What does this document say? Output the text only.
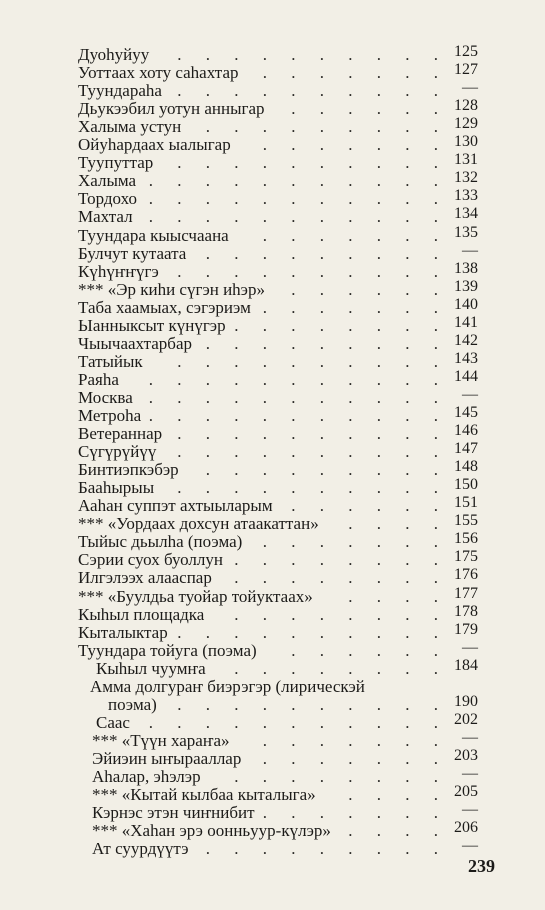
Дуоһуйуу . . . . . . . . . . 125
Уоттаах хоту саһахтар . . . . . . . 127
Туундараһа . . . . . . . . . . —
Дьукээбил уотун анныгар . . . . . . 128
Халыма устун . . . . . . . . . 129
Ойуһардаах ыалыгар . . . . . . . 130
Туупуттар . . . . . . . . . . 131
Халыма . . . . . . . . . . . 132
Тордохо . . . . . . . . . . . 133
Махтал . . . . . . . . . . . 134
Туундара кыысчаана . . . . . . . 135
Булчут кутаата . . . . . . . . . —
Күһүҥҥүгэ . . . . . . . . . . 138
*** «Эр киһи сүгэн иһэр» . . . . . . 139
Таба хаамыах, сэгэриэм . . . . . . . 140
Ыанныксыт күнүгэр . . . . . . . . 141
Чыычаахтарбар . . . . . . . . . 142
Татыйык . . . . . . . . . . 143
Раяһа . . . . . . . . . . . 144
Москва . . . . . . . . . . . —
Метроһа . . . . . . . . . . . 145
Ветераннар . . . . . . . . . . 146
Сүгүрүйүү . . . . . . . . . . 147
Бинтиэпкэбэр . . . . . . . . . 148
Бааһырыы . . . . . . . . . . 150
Ааһан суппэт ахтыыларым . . . . . . 151
*** «Уордаах дохсун атаакаттан» . . . . 155
Тыйыс дьылһа (поэма) . . . . . . . 156
Сэрии суох буоллун . . . . . . . . 175
Илгэлээх алааспар . . . . . . . . 176
*** «Буулдьа туойар тойуктаах» . . . . 177
Кыһыл площадка . . . . . . . . 178
Кыталыктар . . . . . . . . . . 179
Туундара тойуга (поэма) . . . . . . —
Кыһыл чуумҥа . . . . . . . . 184
Амма долгураҥ биэрэгэр (лирическэй
поэма) . . . . . . . . . . 190
Саас . . . . . . . . . . . 202
*** «Түүн хараҥа» . . . . . . . —
Эйиэин ыҥырааллар . . . . . . . 203
Аһалар, эһэлэр . . . . . . . . —
*** «Кытай кылбаа кыталыга» . . . . 205
Кэрнэс этэн чиҥнибит . . . . . . . —
*** «Хаһан эрэ оонньуур-күлэр» . . . . 206
Ат суурдүүтэ . . . . . . . . . —
239
